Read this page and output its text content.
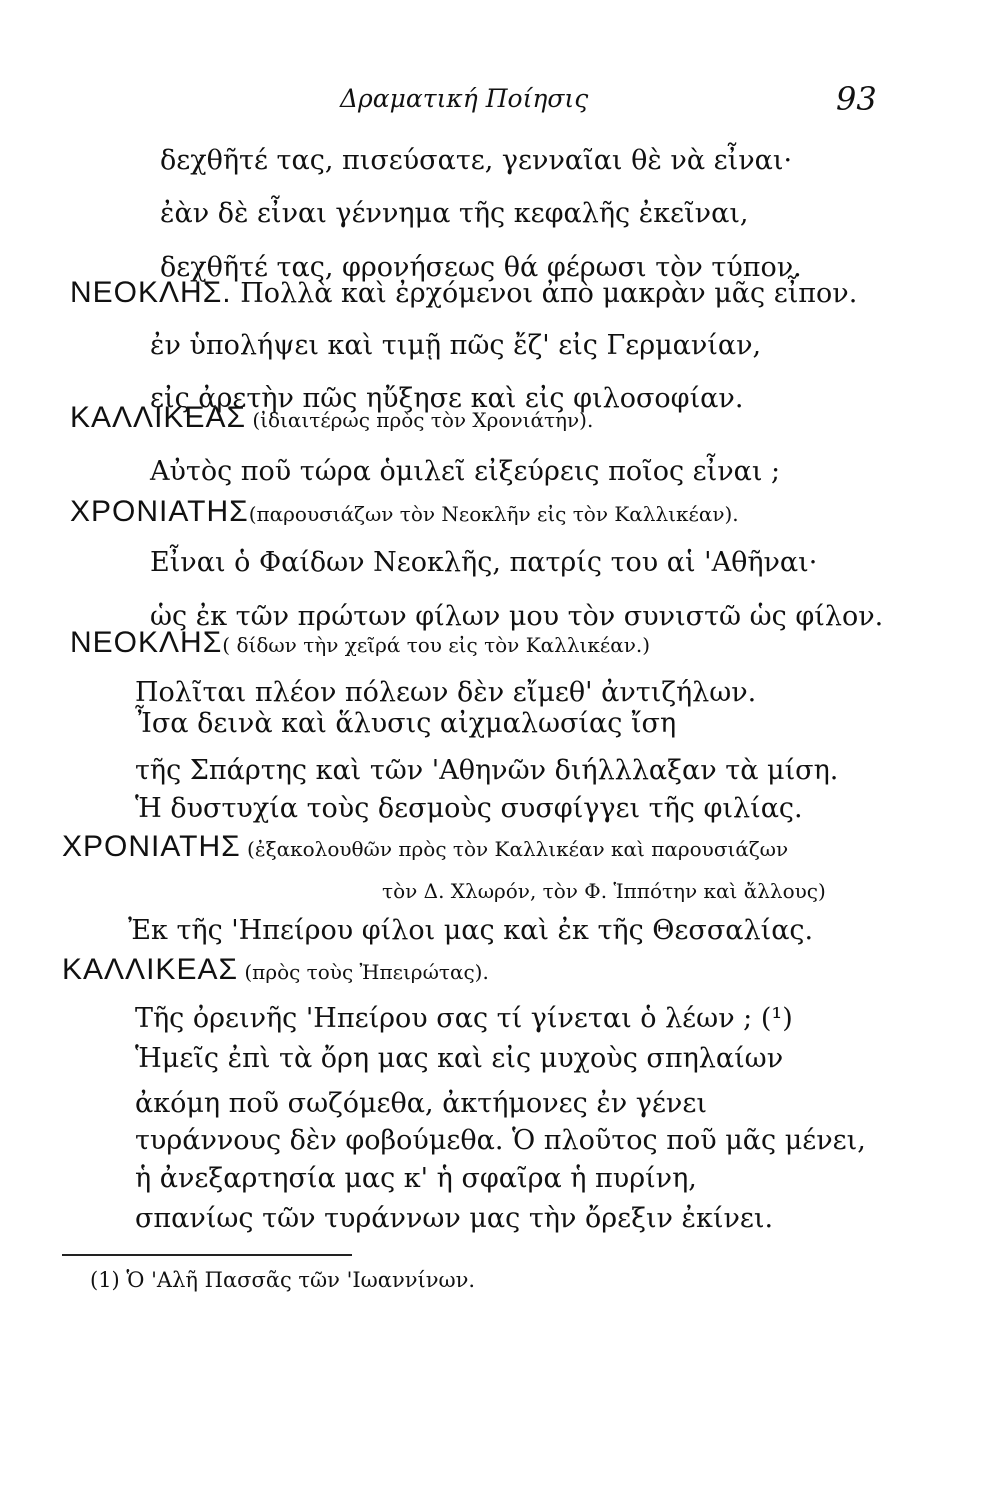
Δραματική Ποίησις	93
δεχθῆτέ τας, πισεύσατε, γενναῖαι θὲ νὰ εἶναι·
ἐὰν δὲ εἶναι γέννημα τῆς κεφαλῆς ἐκεῖναι,
δεχθῆτέ τας, φρονήσεως θά φέρωσι τὸν τύπον.
ΝΕΟΚΛΗΣ. Πολλὰ καὶ ἐρχόμενοι ἀπὸ μακρὰν μᾶς εἶπον.
ἐν ὑπολήψει καὶ τιμῇ πῶς ἔζ' εἰς Γερμανίαν,
εἰς ἀρετὴν πῶς ηὔξησε καὶ εἰς φιλοσοφίαν.
ΚΑΛΛΙΚΕΑΣ (ἰδιαιτέρως πρὸς τὸν Χρονιάτην).
Αὐτὸς ποῦ τώρα ὁμιλεῖ εἰξεύρεις ποῖος εἶναι ;
ΧΡΟΝΙΑΤΗΣ(παρουσιάζων τὸν Νεοκλῆν εἰς τὸν Καλλικέαν).
Εἶναι ὁ Φαίδων Νεοκλῆς, πατρίς του αἱ 'Αθῆναι·
ὡς ἐκ τῶν πρώτων φίλων μου τὸν συνιστῶ ὡς φίλον.
ΝΕΟΚΛΗΣ( δίδων τὴν χεῖρά του εἰς τὸν Καλλικέαν.)
Πολῖται πλέον πόλεων δὲν εἴμεθ' ἀντιζήλων.
Ἶσα δεινὰ καὶ ἅλυσις αἰχμαλωσίας ἴση
τῆς Σπάρτης καὶ τῶν 'Αθηνῶν διήλλλαξαν τὰ μίση.
Ἡ δυστυχία τοὺς δεσμοὺς συσφίγγει τῆς φιλίας.
ΧΡΟΝΙΑΤΗΣ (ἐξακολουθῶν πρὸς τὸν Καλλικέαν καὶ παρουσιάζων
τὸν Δ. Χλωρόν, τὸν Φ. Ἱππότην καὶ ἄλλους)
Ἐκ τῆς 'Ηπείρου φίλοι μας καὶ ἐκ τῆς Θεσσαλίας.
ΚΑΛΛΙΚΕΑΣ (πρὸς τοὺς Ἠπειρώτας).
Τῆς ὀρεινῆς 'Ηπείρου σας τί γίνεται ὁ λέων ; (¹)
Ἡμεῖς ἐπὶ τὰ ὄρη μας καὶ εἰς μυχοὺς σπηλαίων
ἀκόμη ποῦ σωζόμεθα, ἀκτήμονες ἐν γένει
τυράννους δὲν φοβούμεθα. Ὁ πλοῦτος ποῦ μᾶς μένει,
ἡ ἀνεξαρτησία μας κ' ἡ σφαῖρα ἡ πυρίνη,
σπανίως τῶν τυράννων μας τὴν ὄρεξιν ἐκίνει.
(1) Ὁ 'Αλῆ Πασσᾶς τῶν 'Ιωαννίνων.
